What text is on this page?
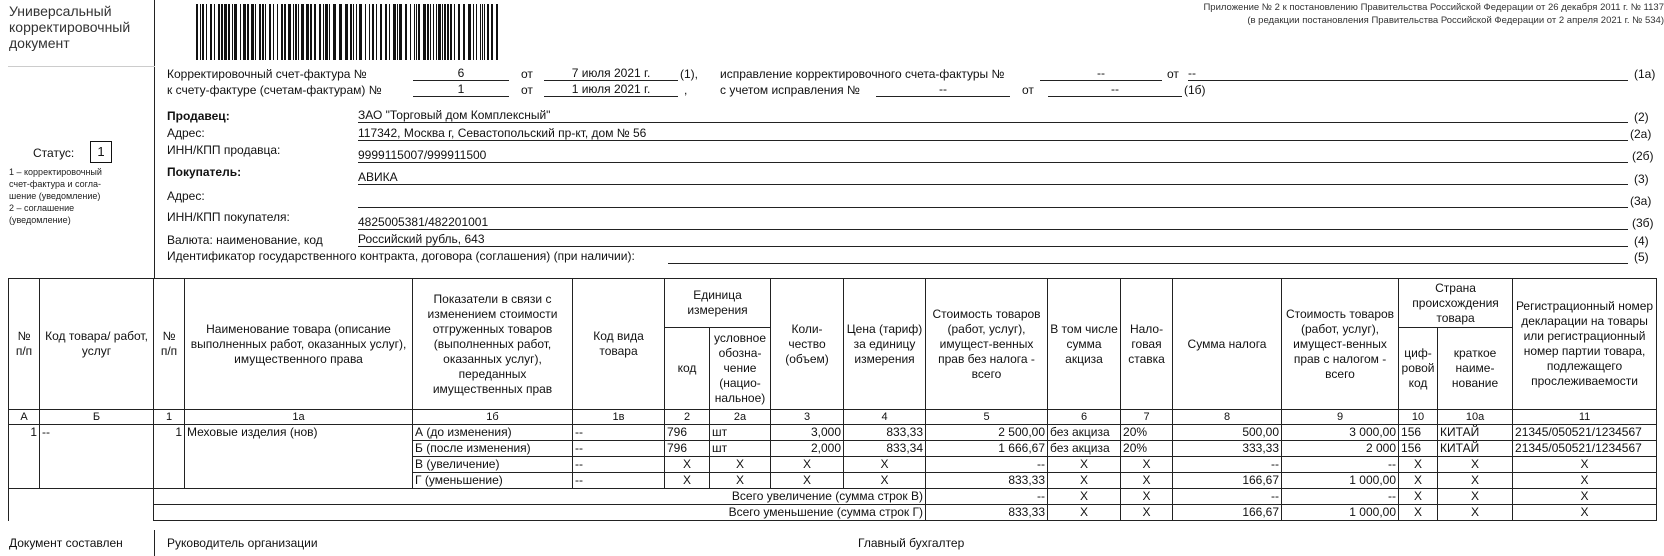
Универсальный
корректировочный
документ
Приложение № 2 к постановлению Правительства Российской Федерации от 26 декабря 2011 г. № 1137
(в редакции постановления Правительства Российской Федерации от 2 апреля 2021 г. № 534)
Статус:	1
1 – корректировочный
счет-фактура и согла-
шение (уведомление)
2 – соглашение
(уведомление)
Корректировочный счет-фактура №	6	от	7 июля 2021 г.	(1), исправление корректировочного счета-фактуры №	--	от --	(1а)
к счету-фактуре (счетам-фактурам) №	1	от	1 июля 2021 г.	,	с учетом исправления №	--	от	--	(1б)
Продавец:	ЗАО "Торговый дом Комплексный"	(2)
Адрес:	117342, Москва г, Севастопольский пр-кт, дом № 56	(2а)
ИНН/КПП продавца:	9999115007/999911500	(2б)
Покупатель:	АВИКА	(3)
Адрес:	(3а)
ИНН/КПП покупателя:	4825005381/482201001	(3б)
Валюта: наименование, код	Российский рубль, 643	(4)
Идентификатор государственного контракта, договора (соглашения) (при наличии):	(5)
№ п/п	Код товара/ работ, услуг	№ п/п	Наименование товара (описание выполненных работ, оказанных услуг), имущественного права	Показатели в связи с изменением стоимости отгруженных товаров (выполненных работ, оказанных услуг), переданных имущественных прав	Код вида товара	Единица измерения		Коли-чество (объем)	Цена (тариф) за единицу измерения	Стоимость товаров (работ, услуг), имущест-венных прав без налога - всего	В том числе сумма акциза	Нало-говая ставка	Сумма налога	Стоимость товаров (работ, услуг), имущест-венных прав с налогом - всего	Страна происхождения товара		Регистрационный номер декларации на товары или регистрационный номер партии товара, подлежащего прослеживаемости
						код	условное обозна-чение (нацио-нальное)								циф-ровой код	краткое наиме-нование	
А	Б	1	1а	1б	1в	2	2а	3	4	5	6	7	8	9	10	10а	11
1	--	1	Меховые изделия (нов)	А (до изменения)	--	796	шт	3,000	833,33	2 500,00	без акциза	20%	500,00	3 000,00	156	КИТАЙ	21345/050521/1234567
				Б (после изменения)	--	796	шт	2,000	833,34	1 666,67	без акциза	20%	333,33	2 000	156	КИТАЙ	21345/050521/1234567
				В (увеличение)	--	X	X	X	X	--	X	X	--	--	X	X	X
				Г (уменьшение)	--	X	X	X	X	833,33	X	X	166,67	1 000,00	X	X	X
		Всего увеличение (сумма строк В)								--	X	X	--	--	X	X	X
		Всего уменьшение (сумма строк Г)								833,33	X	X	166,67	1 000,00	X	X	X
Документ составлен	Руководитель организации	Главный бухгалтер
